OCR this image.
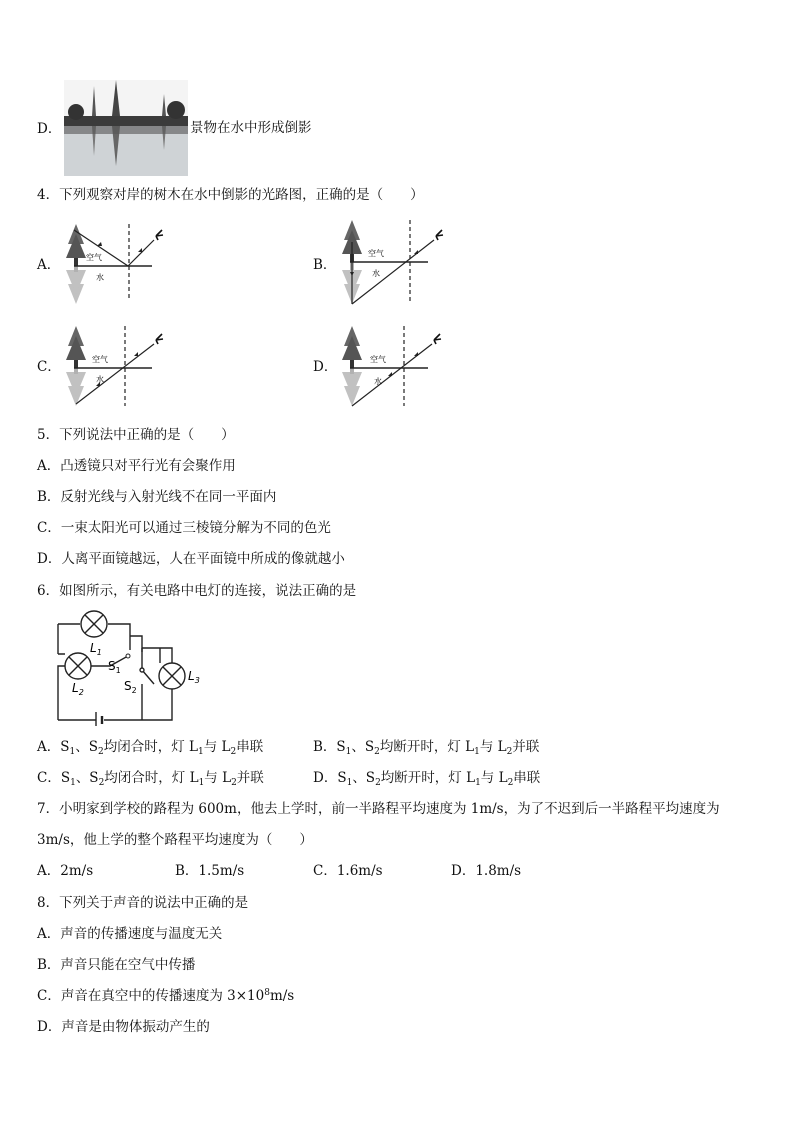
D．	景物在水中形成倒影
4．下列观察对岸的树木在水中倒影的光路图，正确的是（　　）
A．	空气
水
B．
空气
水
C．	空气
水
D．	空气
水
5．下列说法中正确的是（　　）
A．凸透镜只对平行光有会聚作用
B．反射光线与入射光线不在同一平面内
C．一束太阳光可以通过三棱镜分解为不同的色光
D．人离平面镜越远，人在平面镜中所成的像就越小
6．如图所示，有关电路中电灯的连接，说法正确的是
$L_1$
$S_1$
$L_2$	$S_2$
$L_3$
A．$S_1$、$S_2$均闭合时，灯 $L_1$与 $L_2$串联	B．$S_1$、$S_2$均断开时，灯 $L_1$与 $L_2$并联
C．$S_1$、$S_2$均闭合时，灯 $L_1$与 $L_2$并联	D．$S_1$、$S_2$均断开时，灯 $L_1$与 $L_2$串联
7．小明家到学校的路程为 600m，他去上学时，前一半路程平均速度为 1m/s，为了不迟到后一半路程平均速度为
3m/s，他上学的整个路程平均速度为（　　）
A．2m/s	B．1.5m/s	C．1.6m/s	D．1.8m/s
8．下列关于声音的说法中正确的是
A．声音的传播速度与温度无关
B．声音只能在空气中传播
C．声音在真空中的传播速度为 $3\times 10^8m/s$
D．声音是由物体振动产生的
